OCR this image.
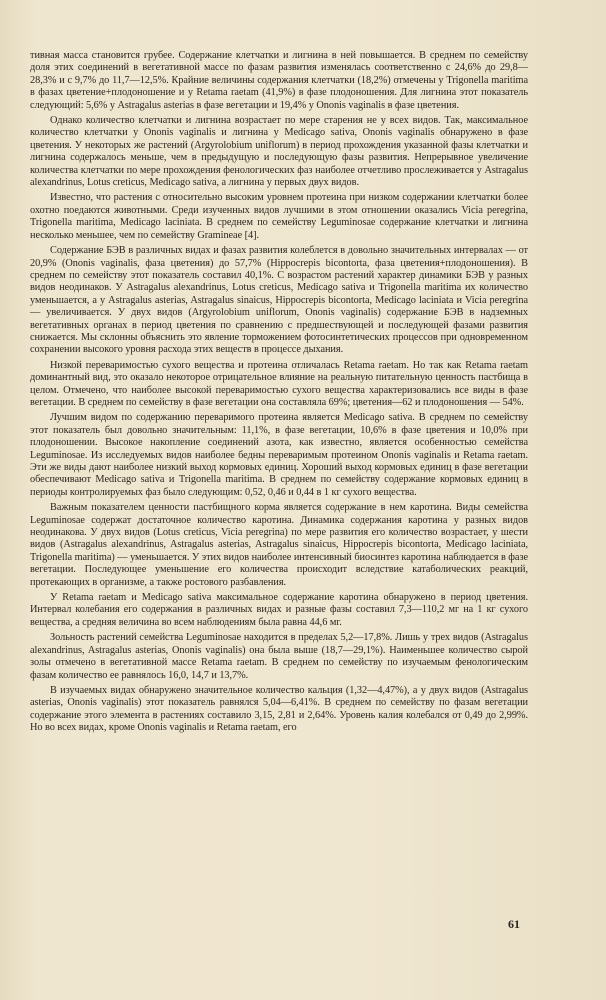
тивная масса становится грубее. Содержание клетчатки и лигнина в ней повышается. В среднем по семейству доля этих соединений в вегетативной массе по фазам развития изменялась соответственно с 24,6% до 29,8—28,3% и с 9,7% до 11,7—12,5%. Крайние величины содержания клетчатки (18,2%) отмечены у Trigonella maritima в фазах цветение+плодоношение и у Retama raetam (41,9%) в фазе плодоношения. Для лигнина этот показатель следующий: 5,6% у Astragalus asterias в фазе вегетации и 19,4% у Ononis vaginalis в фазе цветения.

Однако количество клетчатки и лигнина возрастает по мере старения не у всех видов. Так, максимальное количество клетчатки у Ononis vaginalis и лигнина у Medicago sativa, Ononis vaginalis обнаружено в фазе цветения. У некоторых же растений (Argyrolobium uniflorum) в период прохождения указанной фазы клетчатки и лигнина содержалось меньше, чем в предыдущую и последующую фазы развития. Непрерывное увеличение количества клетчатки по мере прохождения фенологических фаз наиболее отчетливо прослеживается у Astragalus alexandrinus, Lotus creticus, Medicago sativa, а лигнина у первых двух видов.

Известно, что растения с относительно высоким уровнем протеина при низком содержании клетчатки более охотно поедаются животными. Среди изученных видов лучшими в этом отношении оказались Vicia peregrina, Trigonella maritima, Medicago laciniata. В среднем по семейству Leguminosae содержание клетчатки и лигнина несколько меньшее, чем по семейству Gramineae [4].

Содержание БЭВ в различных видах и фазах развития колеблется в довольно значительных интервалах — от 20,9% (Ononis vaginalis, фаза цветения) до 57,7% (Hippocrepis bicontorta, фаза цветения+плодоношения). В среднем по семейству этот показатель составил 40,1%. С возрастом растений характер динамики БЭВ у разных видов неодинаков. У Astragalus alexandrinus, Lotus creticus, Medicago sativa и Trigonella maritima их количество уменьшается, а у Astragalus asterias, Astragalus sinaicus, Hippocrepis bicontorta, Medicago laciniata и Vicia peregrina — увеличивается. У двух видов (Argyrolobium uniflorum, Ononis vaginalis) содержание БЭВ в надземных вегетативных органах в период цветения по сравнению с предшествующей и последующей фазами развития снижается. Мы склонны объяснить это явление торможением фотосинтетических процессов при одновременном сохранении высокого уровня расхода этих веществ в процессе дыхания.

Низкой переваримостью сухого вещества и протеина отличалась Retama raetam. Но так как Retama raetam доминантный вид, это оказало некоторое отрицательное влияние на реальную питательную ценность пастбища в целом. Отмечено, что наиболее высокой переваримостью сухого вещества характеризовались все виды в фазе вегетации. В среднем по семейству в фазе вегетации она составляла 69%; цветения—62 и плодоношения — 54%.

Лучшим видом по содержанию переваримого протеина является Medicago sativa. В среднем по семейству этот показатель был довольно значительным: 11,1%, в фазе вегетации, 10,6% в фазе цветения и 10,0% при плодоношении. Высокое накопление соединений азота, как известно, является особенностью семейства Leguminosae. Из исследуемых видов наиболее бедны переваримым протеином Ononis vaginalis и Retama raetam. Эти же виды дают наиболее низкий выход кормовых единиц. Хороший выход кормовых единиц в фазе вегетации обеспечивают Medicago sativa и Trigonella maritima. В среднем по семейству содержание кормовых единиц в периоды контролируемых фаз было следующим: 0,52, 0,46 и 0,44 в 1 кг сухого вещества.

Важным показателем ценности пастбищного корма является содержание в нем каротина. Виды семейства Leguminosae содержат достаточное количество каротина. Динамика содержания каротина у разных видов неодинакова. У двух видов (Lotus creticus, Vicia peregrina) по мере развития его количество возрастает, у шести видов (Astragalus alexandrinus, Astragalus asterias, Astragalus sinaicus, Hippocrepis bicontorta, Medicago laciniata, Trigonella maritima) — уменьшается. У этих видов наиболее интенсивный биосинтез каротина наблюдается в фазе вегетации. Последующее уменьшение его количества происходит вследствие катаболических реакций, протекающих в организме, а также ростового разбавления.

У Retama raetam и Medicago sativa максимальное содержание каротина обнаружено в период цветения. Интервал колебания его содержания в различных видах и разные фазы составил 7,3—110,2 мг на 1 кг сухого вещества, а средняя величина во всем наблюдениям была равна 44,6 мг.

Зольность растений семейства Leguminosae находится в пределах 5,2—17,8%. Лишь у трех видов (Astragalus alexandrinus, Astragalus asterias, Ononis vaginalis) она была выше (18,7—29,1%). Наименьшее количество сырой золы отмечено в вегетативной массе Retama raetam. В среднем по семейству по изучаемым фенологическим фазам количество ее равнялось 16,0, 14,7 и 13,7%.

В изучаемых видах обнаружено значительное количество кальция (1,32—4,47%), а у двух видов (Astragalus asterias, Ononis vaginalis) этот показатель равнялся 5,04—6,41%. В среднем по семейству по фазам вегетации содержание этого элемента в растениях составило 3,15, 2,81 и 2,64%. Уровень калия колебался от 0,49 до 2,99%. Но во всех видах, кроме Ononis vaginalis и Retama raetam, его

61
